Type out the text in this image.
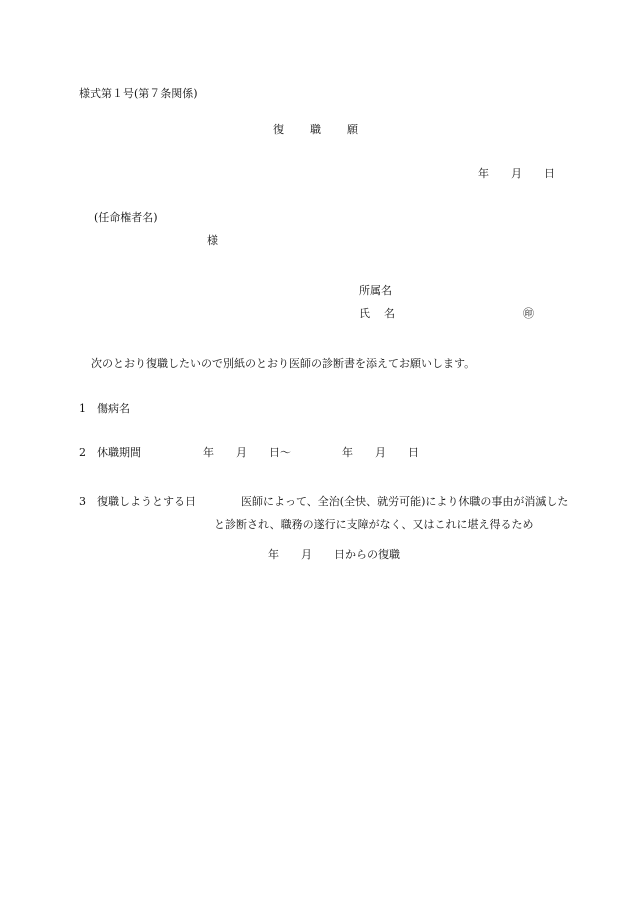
様式第１号(第７条関係)
復 職 願
年 月 日
(任命権者名)
様
所属名
氏 名	㊞
次のとおり復職したいので別紙のとおり医師の診断書を添えてお願いします。
1 傷病名
2 休職期間	年 月 日～	年 月 日
3 復職しようとする日	医師によって、全治(全快、就労可能)により休職の事由が消滅した
と診断され、職務の遂行に支障がなく、又はこれに堪え得るため
年 月 日からの復職
